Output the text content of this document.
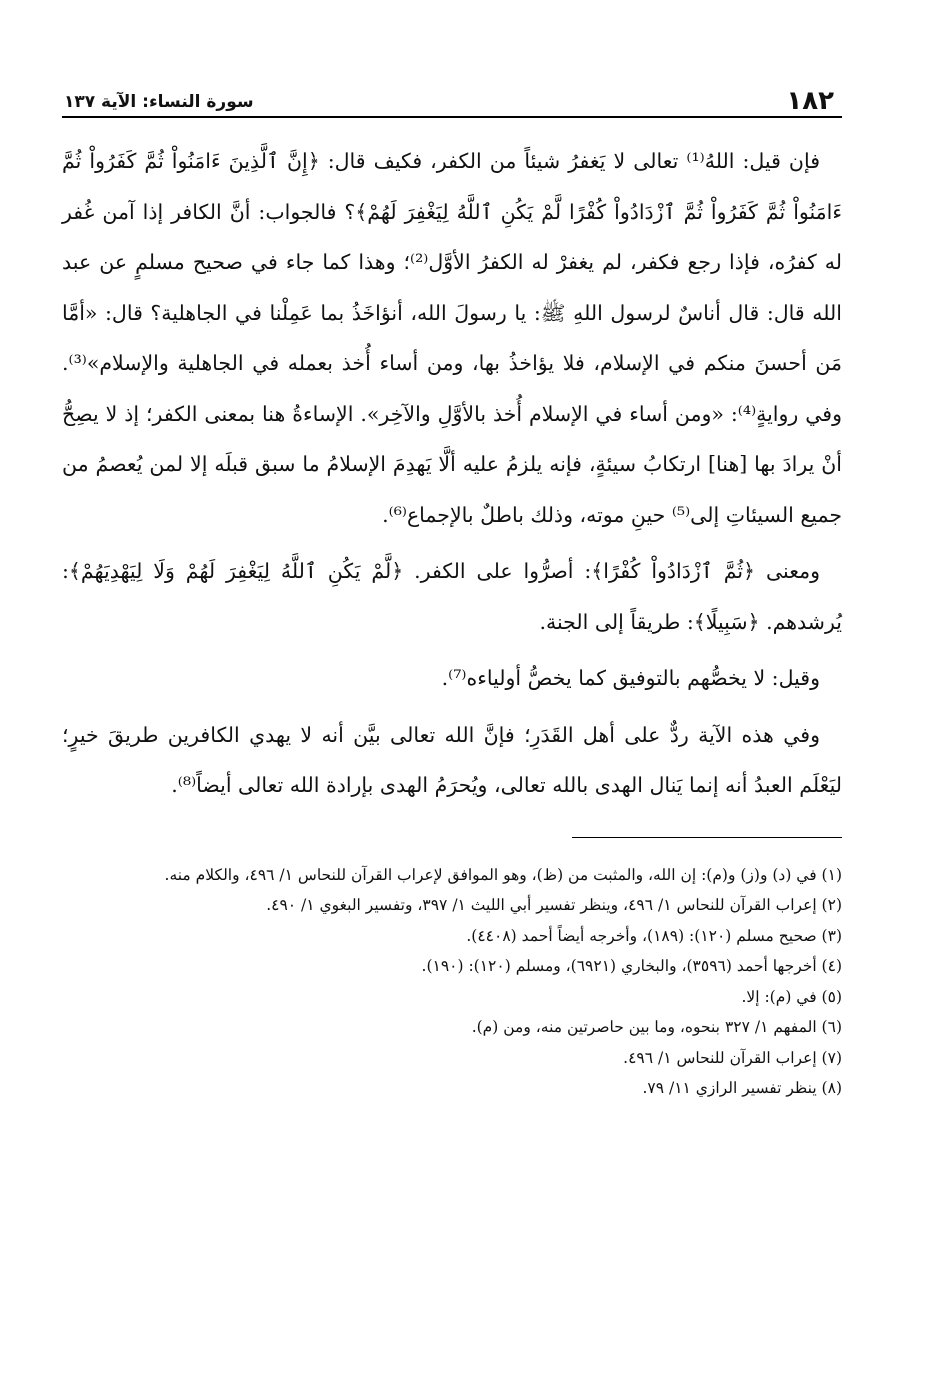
١٨٢
سورة النساء: الآية ١٣٧

فإن قيل: اللهُ⁽¹⁾ تعالى لا يَغفرُ شيئاً من الكفر، فكيف قال: ﴿إِنَّ ٱلَّذِينَ ءَامَنُواْ ثُمَّ كَفَرُواْ ثُمَّ ءَامَنُواْ ثُمَّ كَفَرُواْ ثُمَّ ٱزْدَادُواْ كُفْرًا لَّمْ يَكُنِ ٱللَّهُ لِيَغْفِرَ لَهُمْ﴾؟ فالجواب: أنَّ الكافر إذا آمن غُفر له كفرُه، فإذا رجع فكفر، لم يغفرْ له الكفرُ الأوَّل⁽²⁾؛ وهذا كما جاء في صحيح مسلمٍ عن عبد الله قال: قال أناسٌ لرسول اللهِ ﷺ: يا رسولَ الله، أنؤاخَذُ بما عَمِلْنا في الجاهلية؟ قال: «أمَّا مَن أحسنَ منكم في الإسلام، فلا يؤاخذُ بها، ومن أساء أُخذ بعمله في الجاهلية والإسلام»⁽³⁾. وفي روايةٍ⁽⁴⁾: «ومن أساء في الإسلام أُخذ بالأوَّلِ والآخِر». الإساءةُ هنا بمعنى الكفر؛ إذ لا يصِحُّ أنْ يرادَ بها [هنا] ارتكابُ سيئةٍ، فإنه يلزمُ عليه ألَّا يَهدِمَ الإسلامُ ما سبق قبلَه إلا لمن يُعصمُ من جميع السيئاتِ إلى⁽⁵⁾ حينِ موته، وذلك باطلٌ بالإجماع⁽⁶⁾.

ومعنى ﴿ثُمَّ ٱزْدَادُواْ كُفْرًا﴾: أصرُّوا على الكفر. ﴿لَّمْ يَكُنِ ٱللَّهُ لِيَغْفِرَ لَهُمْ وَلَا لِيَهْدِيَهُمْ﴾: يُرشدهم. ﴿سَبِيلًا﴾: طريقاً إلى الجنة.

وقيل: لا يخصُّهم بالتوفيق كما يخصُّ أولياءه⁽⁷⁾.

وفي هذه الآية ردٌّ على أهل القَدَرِ؛ فإنَّ الله تعالى بيَّن أنه لا يهدي الكافرين طريقَ خيرٍ؛ ليَعْلَم العبدُ أنه إنما يَنال الهدى بالله تعالى، ويُحرَمُ الهدى بإرادة الله تعالى أيضاً⁽⁸⁾.

(١) في (د) و(ز) و(م): إن الله، والمثبت من (ظ)، وهو الموافق لإعراب القرآن للنحاس ١/ ٤٩٦، والكلام منه.

(٢) إعراب القرآن للنحاس ١/ ٤٩٦، وينظر تفسير أبي الليث ١/ ٣٩٧، وتفسير البغوي ١/ ٤٩٠.

(٣) صحيح مسلم (١٢٠): (١٨٩)، وأخرجه أيضاً أحمد (٤٤٠٨).

(٤) أخرجها أحمد (٣٥٩٦)، والبخاري (٦٩٢١)، ومسلم (١٢٠): (١٩٠).

(٥) في (م): إلا.

(٦) المفهم ١/ ٣٢٧ بنحوه، وما بين حاصرتين منه، ومن (م).

(٧) إعراب القرآن للنحاس ١/ ٤٩٦.

(٨) ينظر تفسير الرازي ١١/ ٧٩.
